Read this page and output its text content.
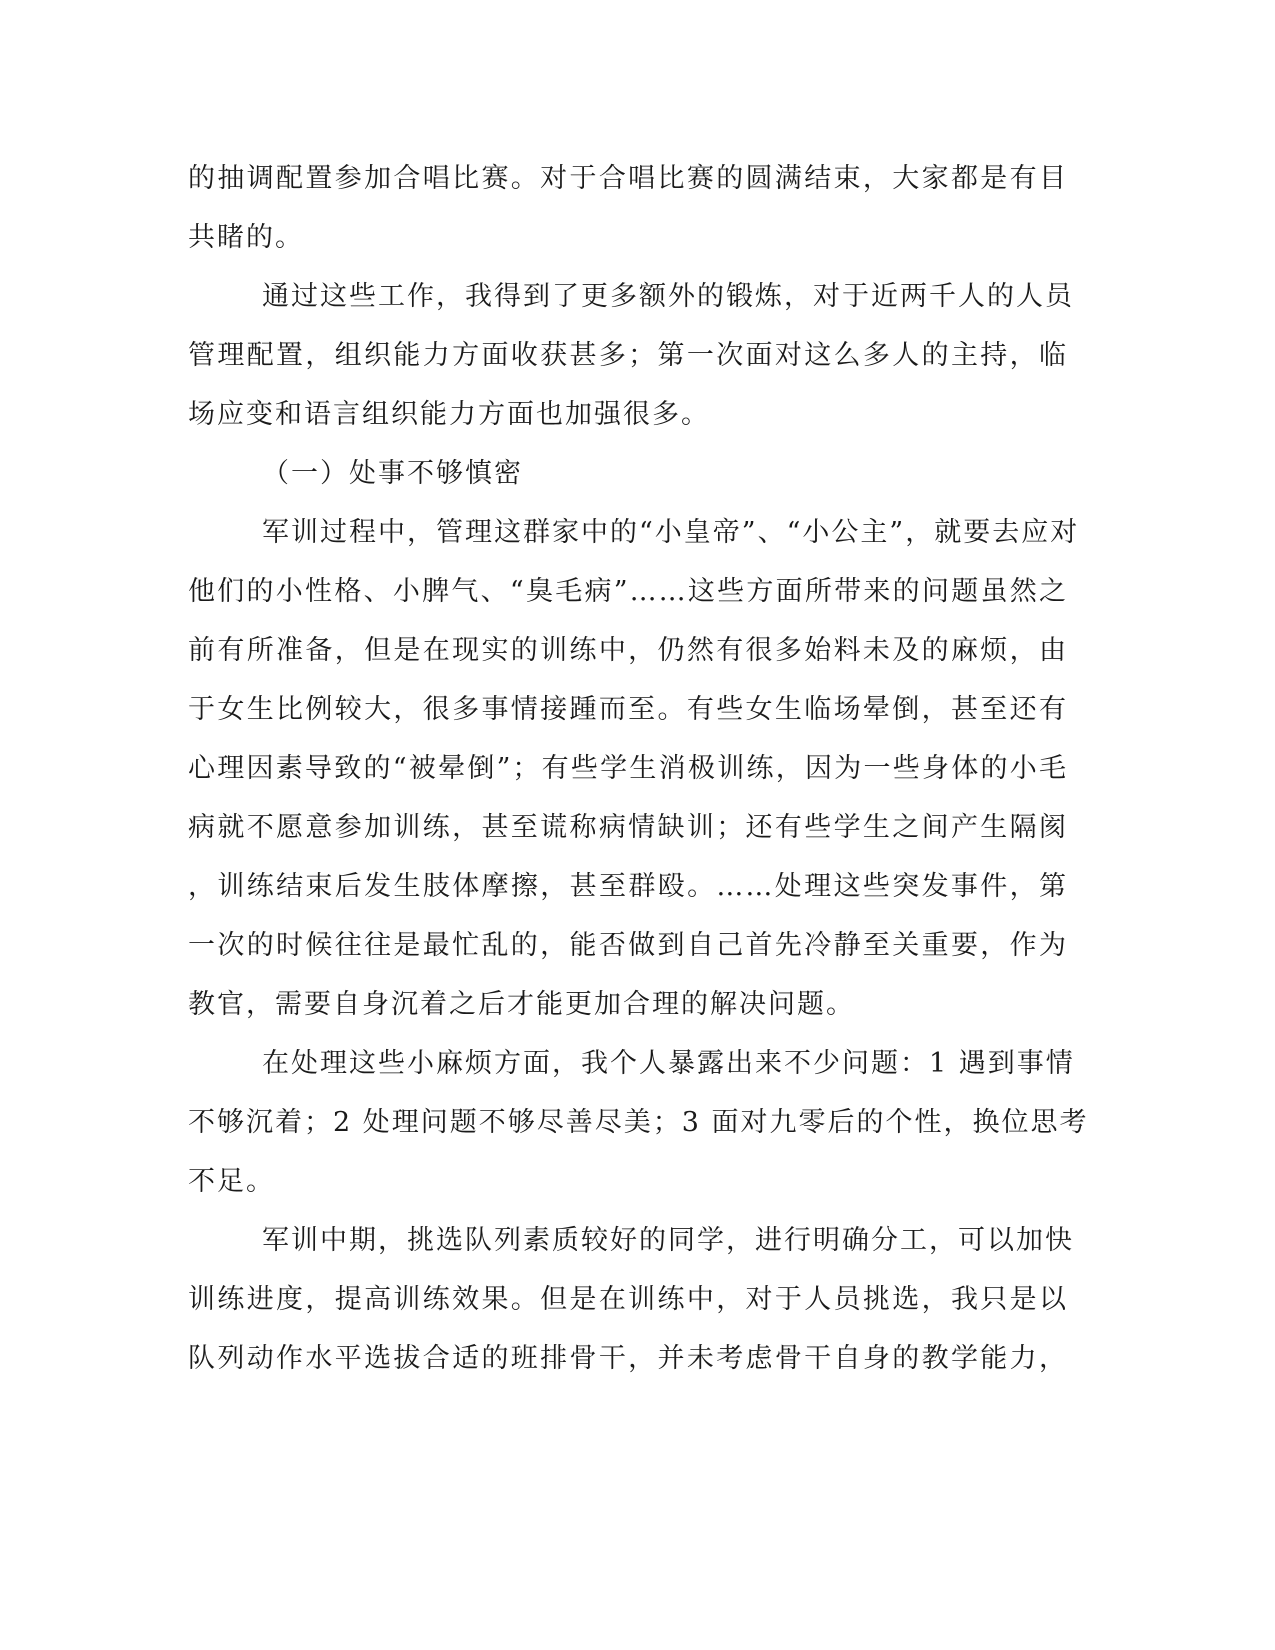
的抽调配置参加合唱比赛。对于合唱比赛的圆满结束，大家都是有目
共睹的。
通过这些工作，我得到了更多额外的锻炼，对于近两千人的人员
管理配置，组织能力方面收获甚多；第一次面对这么多人的主持，临
场应变和语言组织能力方面也加强很多。
（一）处事不够慎密
军训过程中，管理这群家中的“小皇帝”、“小公主”，就要去应对
他们的小性格、小脾气、“臭毛病”……这些方面所带来的问题虽然之
前有所准备，但是在现实的训练中，仍然有很多始料未及的麻烦，由
于女生比例较大，很多事情接踵而至。有些女生临场晕倒，甚至还有
心理因素导致的“被晕倒”；有些学生消极训练，因为一些身体的小毛
病就不愿意参加训练，甚至谎称病情缺训；还有些学生之间产生隔阂
，训练结束后发生肢体摩擦，甚至群殴。……处理这些突发事件，第
一次的时候往往是最忙乱的，能否做到自己首先冷静至关重要，作为
教官，需要自身沉着之后才能更加合理的解决问题。
在处理这些小麻烦方面，我个人暴露出来不少问题：1 遇到事情
不够沉着；2 处理问题不够尽善尽美；3 面对九零后的个性，换位思考
不足。
军训中期，挑选队列素质较好的同学，进行明确分工，可以加快
训练进度，提高训练效果。但是在训练中，对于人员挑选，我只是以
队列动作水平选拔合适的班排骨干，并未考虑骨干自身的教学能力，
